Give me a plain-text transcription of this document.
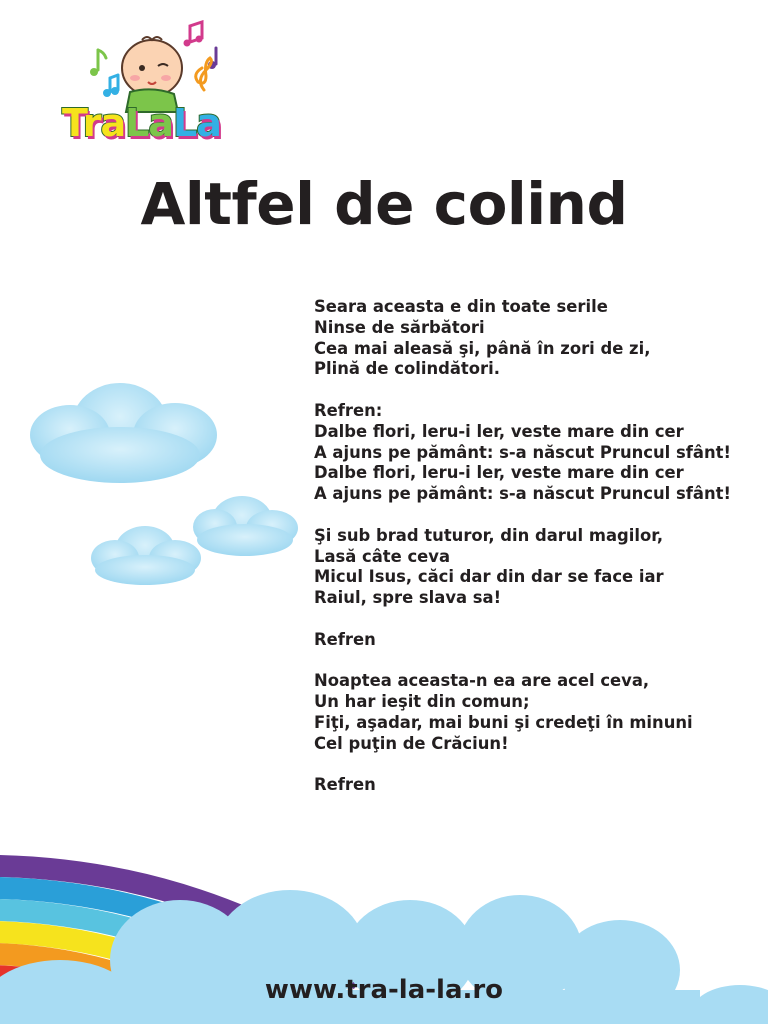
TraLaLa
Altfel de colind
Seara aceasta e din toate serile
Ninse de sărbători
Cea mai aleasă şi, până în zori de zi,
Plină de colindători.
Refren:
Dalbe flori, leru-i ler, veste mare din cer
A ajuns pe pământ: s-a născut Pruncul sfânt!
Dalbe flori, leru-i ler, veste mare din cer
A ajuns pe pământ: s-a născut Pruncul sfânt!
Şi sub brad tuturor, din darul magilor,
Lasă câte ceva
Micul Isus, căci dar din dar se face iar
Raiul, spre slava sa!
Refren
Noaptea aceasta-n ea are acel ceva,
Un har ieşit din comun;
Fiţi, aşadar, mai buni şi credeţi în minuni
Cel puţin de Crăciun!
Refren
www.tra-la-la.ro
